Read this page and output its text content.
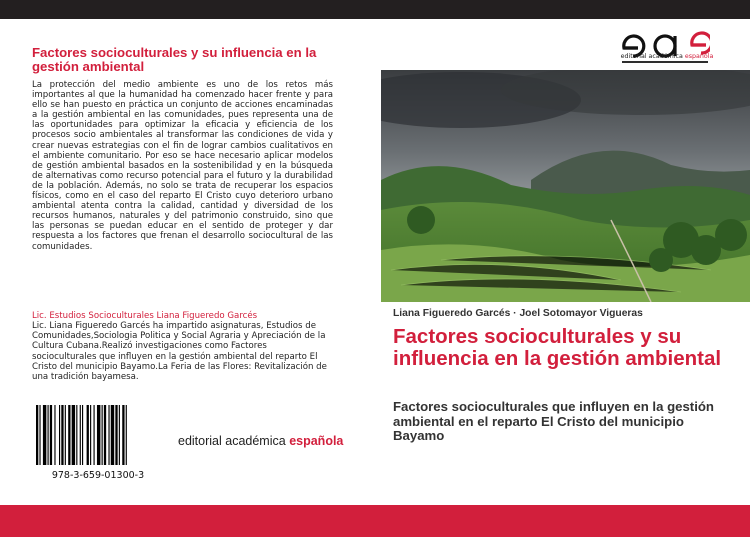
Factores socioculturales y su influencia en la gestión ambiental
La protección del medio ambiente es uno de los retos más importantes al que la humanidad ha comenzado hacer frente y para ello se han puesto en práctica un conjunto de acciones encaminadas a la gestión ambiental en las comunidades, pues representa una de las oportunidades para optimizar la eficacia y eficiencia de los procesos socio ambientales al transformar las condiciones de vida y crear nuevas estrategias con el fin de lograr cambios cualitativos en el ambiente comunitario. Por eso se hace necesario aplicar modelos de gestión ambiental basados en la sostenibilidad y en la búsqueda de alternativas como recurso potencial para el futuro y la durabilidad de la población. Además, no solo se trata de recuperar los espacios físicos, como en el caso del reparto El Cristo cuyo deterioro urbano ambiental atenta contra la calidad, cantidad y diversidad de los recursos humanos, naturales y del patrimonio construido, sino que las personas se puedan educar en el sentido de proteger y dar respuesta a los factores que frenan el desarrollo sociocultural de las comunidades.
Lic. Estudios Socioculturales Liana Figueredo Garcés
Lic. Liana Figueredo Garcés ha impartido asignaturas, Estudios de Comunidades,Sociologia Politica y Social Agraria y Apreciación de la Cultura Cubana.Realizó investigaciones como Factores socioculturales que influyen en la gestión ambiental del reparto El Cristo del municipio Bayamo.La Feria de las Flores: Revitalización de una tradición bayamesa.
978-3-659-01300-3
editorial académica española
editorial académica española
Liana Figueredo Garcés · Joel Sotomayor Vigueras
Factores socioculturales y su influencia en la gestión ambiental
Factores socioculturales que influyen en la gestión ambiental en el reparto El Cristo del municipio Bayamo
